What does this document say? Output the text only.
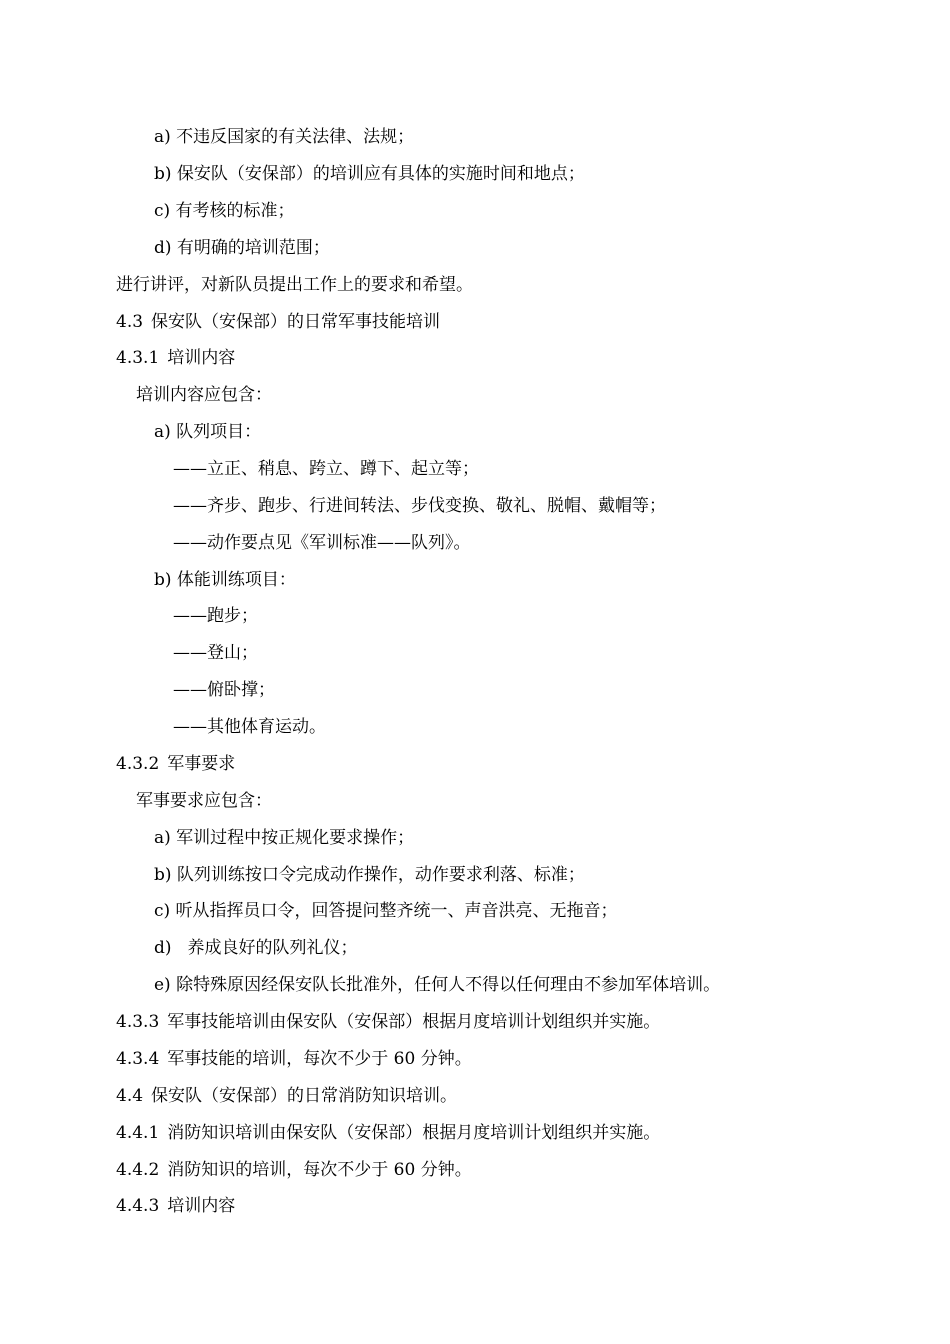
a) 不违反国家的有关法律、法规；
b) 保安队（安保部）的培训应有具体的实施时间和地点；
c) 有考核的标准；
d) 有明确的培训范围；
进行讲评，对新队员提出工作上的要求和希望。
4.3 保安队（安保部）的日常军事技能培训
4.3.1 培训内容
培训内容应包含：
a) 队列项目：
——立正、稍息、跨立、蹲下、起立等；
——齐步、跑步、行进间转法、步伐变换、敬礼、脱帽、戴帽等；
——动作要点见《军训标准——队列》。
b) 体能训练项目：
——跑步；
——登山；
——俯卧撑；
——其他体育运动。
4.3.2 军事要求
军事要求应包含：
a) 军训过程中按正规化要求操作；
b) 队列训练按口令完成动作操作，动作要求利落、标准；
c) 听从指挥员口令，回答提问整齐统一、声音洪亮、无拖音；
d) 养成良好的队列礼仪；
e) 除特殊原因经保安队长批准外，任何人不得以任何理由不参加军体培训。
4.3.3 军事技能培训由保安队（安保部）根据月度培训计划组织并实施。
4.3.4 军事技能的培训，每次不少于 60 分钟。
4.4 保安队（安保部）的日常消防知识培训。
4.4.1 消防知识培训由保安队（安保部）根据月度培训计划组织并实施。
4.4.2 消防知识的培训，每次不少于 60 分钟。
4.4.3 培训内容
